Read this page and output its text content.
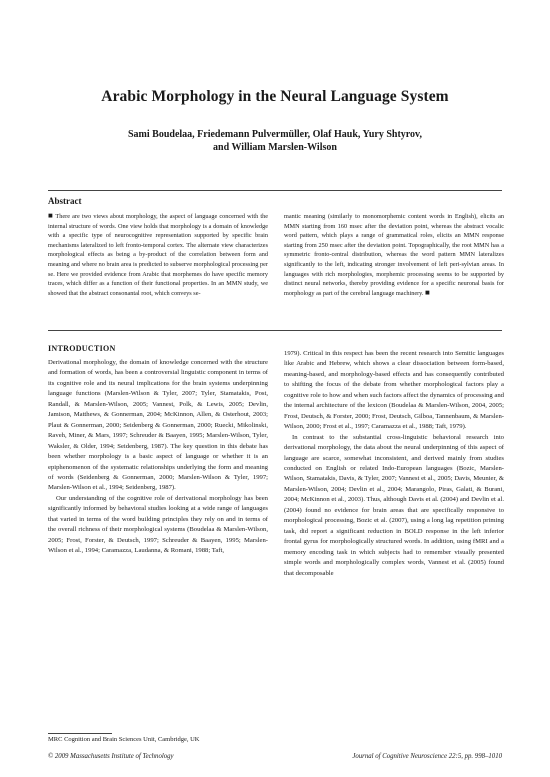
Arabic Morphology in the Neural Language System
Sami Boudelaa, Friedemann Pulvermüller, Olaf Hauk, Yury Shtyrov,
and William Marslen-Wilson
Abstract
■ There are two views about morphology, the aspect of language concerned with the internal structure of words. One view holds that morphology is a domain of knowledge with a specific type of neurocognitive representation supported by specific brain mechanisms lateralized to left fronto-temporal cortex. The alternate view characterizes morphological effects as being a by-product of the correlation between form and meaning and where no brain area is predicted to subserve morphological processing per se. Here we provided evidence from Arabic that morphemes do have specific memory traces, which differ as a function of their functional properties. In an MMN study, we showed that the abstract consonantal root, which conveys se-
mantic meaning (similarly to monomorphemic content words in English), elicits an MMN starting from 160 msec after the deviation point, whereas the abstract vocalic word pattern, which plays a range of grammatical roles, elicits an MMN response starting from 250 msec after the deviation point. Topographically, the root MMN has a symmetric fronto-central distribution, whereas the word pattern MMN lateralizes significantly to the left, indicating stronger involvement of left peri-sylvian areas. In languages with rich morphologies, morphemic processing seems to be supported by distinct neural networks, thereby providing evidence for a specific neuronal basis for morphology as part of the cerebral language machinery. ■
INTRODUCTION

Derivational morphology, the domain of knowledge concerned with the structure and formation of words, has been a controversial linguistic component in terms of its cognitive role and its neural implications for the brain systems underpinning language functions (Marslen-Wilson & Tyler, 2007; Tyler, Stamatakis, Post, Randall, & Marslen-Wilson, 2005; Vannest, Polk, & Lewis, 2005; Devlin, Jamison, Matthews, & Gonnerman, 2004; McKinnon, Allen, & Osterhout, 2003; Plaut & Gonnerman, 2000; Seidenberg & Gonnerman, 2000; Ruecki, Mikolinski, Raveh, Miner, & Mars, 1997; Schreuder & Baayen, 1995; Marslen-Wilson, Tyler, Waksler, & Older, 1994; Seidenberg, 1987). The key question in this debate has been whether morphology is a basic aspect of language or whether it is an epiphenomenon of the systematic relationships underlying the form and meaning of words (Seidenberg & Gonnerman, 2000; Marslen-Wilson & Tyler, 1997; Marslen-Wilson et al., 1994; Seidenberg, 1987).

Our understanding of the cognitive role of derivational morphology has been significantly informed by behavioral studies looking at a wide range of languages that varied in terms of the word building principles they rely on and in terms of the overall richness of their morphological systems (Boudelaa & Marslen-Wilson, 2005; Frost, Forster, & Deutsch, 1997; Schreuder & Baayen, 1995; Marslen-Wilson et al., 1994; Caramazza, Laudanna, & Romani, 1988; Taft,

1979). Critical in this respect has been the recent research into Semitic languages like Arabic and Hebrew, which shows a clear dissociation between form-based, meaning-based, and morphology-based effects and has consequently contributed to shifting the focus of the debate from whether morphological factors play a cognitive role to how and when such factors affect the dynamics of processing and the internal architecture of the lexicon (Boudelaa & Marslen-Wilson, 2004, 2005; Frost, Deutsch, & Forster, 2000; Frost, Deutsch, Gilboa, Tannenbaum, & Marslen-Wilson, 2000; Frost et al., 1997; Caramazza et al., 1988; Taft, 1979).

In contrast to the substantial cross-linguistic behavioral research into derivational morphology, the data about the neural underpinning of this aspect of language are scarce, somewhat inconsistent, and derived mainly from studies conducted on English or related Indo-European languages (Bozic, Marslen-Wilson, Stamatakis, Davis, & Tyler, 2007; Vannest et al., 2005; Davis, Meunier, & Marslen-Wilson, 2004; Devlin et al., 2004; Marangolo, Piras, Galati, & Burani, 2004; McKinnon et al., 2003). Thus, although Davis et al. (2004) and Devlin et al. (2004) found no evidence for brain areas that are specifically responsive to morphological processing, Bozic et al. (2007), using a long lag repetition priming task, did report a significant reduction in BOLD response in the left inferior frontal gyrus for morphologically structured words. In addition, using fMRI and a memory encoding task in which subjects had to remember visually presented simple words and morphologically complex words, Vannest et al. (2005) found that decomposable

MRC Cognition and Brain Sciences Unit, Cambridge, UK
© 2009 Massachusetts Institute of Technology	Journal of Cognitive Neuroscience 22:5, pp. 998–1010
